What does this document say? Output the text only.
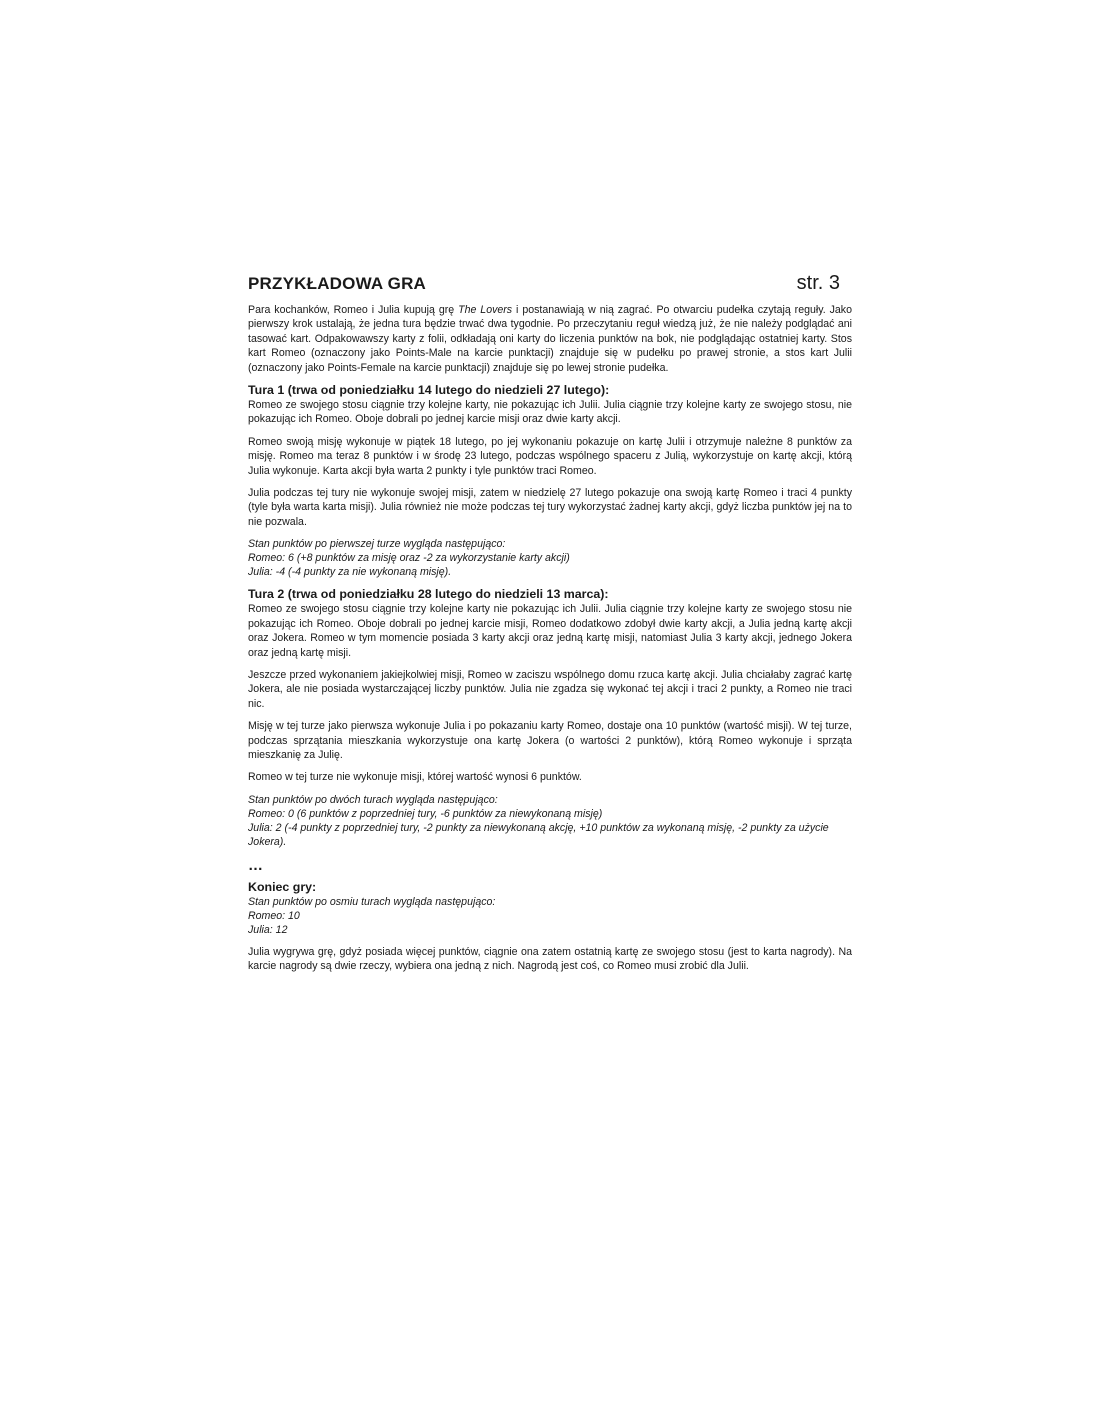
PRZYKŁADOWA GRA	str. 3

Para kochanków, Romeo i Julia kupują grę The Lovers i postanawiają w nią zagrać. Po otwarciu pudełka czytają reguły. Jako pierwszy krok ustalają, że jedna tura będzie trwać dwa tygodnie. Po przeczytaniu reguł wiedzą już, że nie należy podglądać ani tasować kart. Odpakowawszy karty z folii, odkładają oni karty do liczenia punktów na bok, nie podglądając ostatniej karty. Stos kart Romeo (oznaczony jako Points-Male na karcie punktacji) znajduje się w pudełku po prawej stronie, a stos kart Julii (oznaczony jako Points-Female na karcie punktacji) znajduje się po lewej stronie pudełka.

Tura 1 (trwa od poniedziałku 14 lutego do niedzieli 27 lutego):

Romeo ze swojego stosu ciągnie trzy kolejne karty, nie pokazując ich Julii. Julia ciągnie trzy kolejne karty ze swojego stosu, nie pokazując ich Romeo. Oboje dobrali po jednej karcie misji oraz dwie karty akcji.

Romeo swoją misję wykonuje w piątek 18 lutego, po jej wykonaniu pokazuje on kartę Julii i otrzymuje należne 8 punktów za misję. Romeo ma teraz 8 punktów i w środę 23 lutego, podczas wspólnego spaceru z Julią, wykorzystuje on kartę akcji, którą Julia wykonuje. Karta akcji była warta 2 punkty i tyle punktów traci Romeo.

Julia podczas tej tury nie wykonuje swojej misji, zatem w niedzielę 27 lutego pokazuje ona swoją kartę Romeo i traci 4 punkty (tyle była warta karta misji). Julia również nie może podczas tej tury wykorzystać żadnej karty akcji, gdyż liczba punktów jej na to nie pozwala.

Stan punktów po pierwszej turze wygląda następująco:
Romeo: 6 (+8 punktów za misję oraz -2 za wykorzystanie karty akcji)
Julia: -4 (-4 punkty za nie wykonaną misję).
Tura 2 (trwa od poniedziałku 28 lutego do niedzieli 13 marca):

Romeo ze swojego stosu ciągnie trzy kolejne karty nie pokazując ich Julii. Julia ciągnie trzy kolejne karty ze swojego stosu nie pokazując ich Romeo. Oboje dobrali po jednej karcie misji, Romeo dodatkowo zdobył dwie karty akcji, a Julia jedną kartę akcji oraz Jokera. Romeo w tym momencie posiada 3 karty akcji oraz jedną kartę misji, natomiast Julia 3 karty akcji, jednego Jokera oraz jedną kartę misji.

Jeszcze przed wykonaniem jakiejkolwiej misji, Romeo w zaciszu wspólnego domu rzuca kartę akcji. Julia chciałaby zagrać kartę Jokera, ale nie posiada wystarczającej liczby punktów. Julia nie zgadza się wykonać tej akcji i traci 2 punkty, a Romeo nie traci nic.

Misję w tej turze jako pierwsza wykonuje Julia i po pokazaniu karty Romeo, dostaje ona 10 punktów (wartość misji). W tej turze, podczas sprzątania mieszkania wykorzystuje ona kartę Jokera (o wartości 2 punktów), którą Romeo wykonuje i sprząta mieszkanię za Julię.

Romeo w tej turze nie wykonuje misji, której wartość wynosi 6 punktów.

Stan punktów po dwóch turach wygląda następująco:
Romeo: 0 (6 punktów z poprzedniej tury, -6 punktów za niewykonaną misję)
Julia: 2 (-4 punkty z poprzedniej tury, -2 punkty za niewykonaną akcję, +10 punktów za wykonaną misję, -2 punkty za użycie Jokera).
…
Koniec gry:
Stan punktów po osmiu turach wygląda następująco:
Romeo: 10
Julia: 12

Julia wygrywa grę, gdyż posiada więcej punktów, ciągnie ona zatem ostatnią kartę ze swojego stosu (jest to karta nagrody). Na karcie nagrody są dwie rzeczy, wybiera ona jedną z nich. Nagrodą jest coś, co Romeo musi zrobić dla Julii.
